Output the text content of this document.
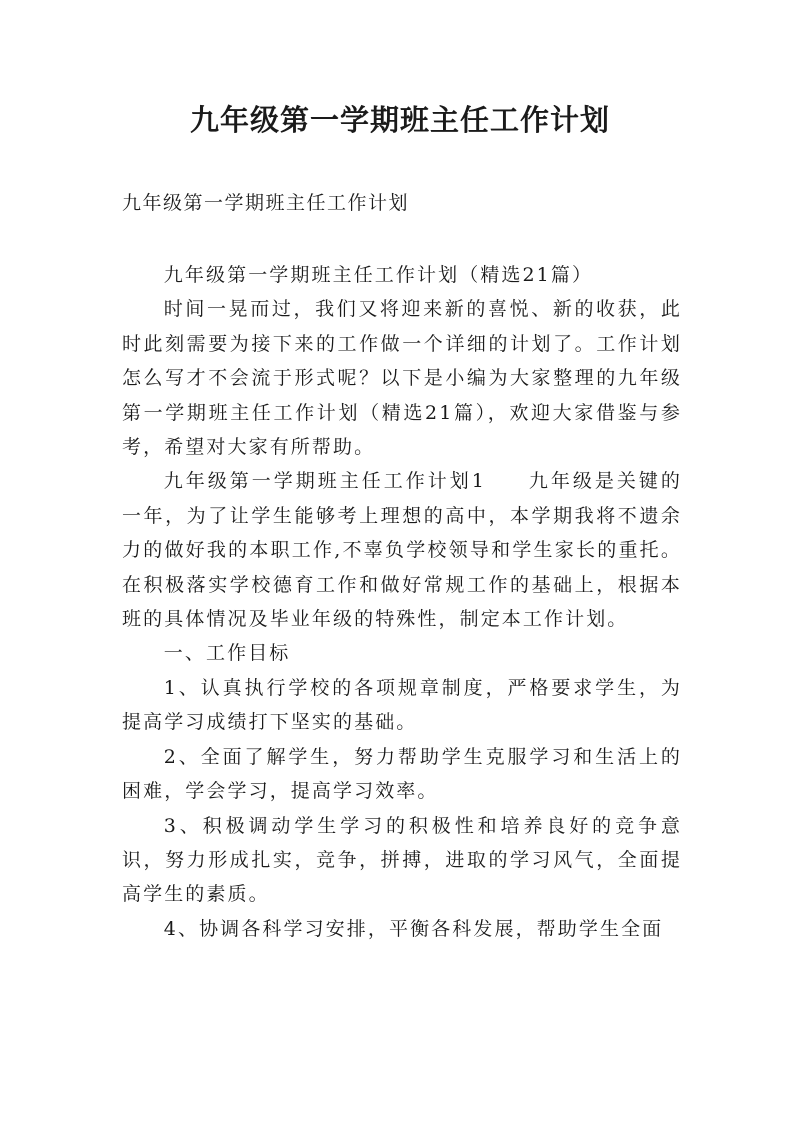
九年级第一学期班主任工作计划

九年级第一学期班主任工作计划

九年级第一学期班主任工作计划（精选21篇）

时间一晃而过，我们又将迎来新的喜悦、新的收获，此时此刻需要为接下来的工作做一个详细的计划了。工作计划怎么写才不会流于形式呢？以下是小编为大家整理的九年级第一学期班主任工作计划（精选21篇），欢迎大家借鉴与参考，希望对大家有所帮助。

九年级第一学期班主任工作计划1 九年级是关键的一年，为了让学生能够考上理想的高中，本学期我将不遗余力的做好我的本职工作,不辜负学校领导和学生家长的重托。在积极落实学校德育工作和做好常规工作的基础上，根据本班的具体情况及毕业年级的特殊性，制定本工作计划。

一、工作目标

1、认真执行学校的各项规章制度，严格要求学生，为提高学习成绩打下坚实的基础。

2、全面了解学生，努力帮助学生克服学习和生活上的困难，学会学习，提高学习效率。

3、积极调动学生学习的积极性和培养良好的竞争意识，努力形成扎实，竞争，拼搏，进取的学习风气，全面提高学生的素质。

4、协调各科学习安排，平衡各科发展，帮助学生全面
